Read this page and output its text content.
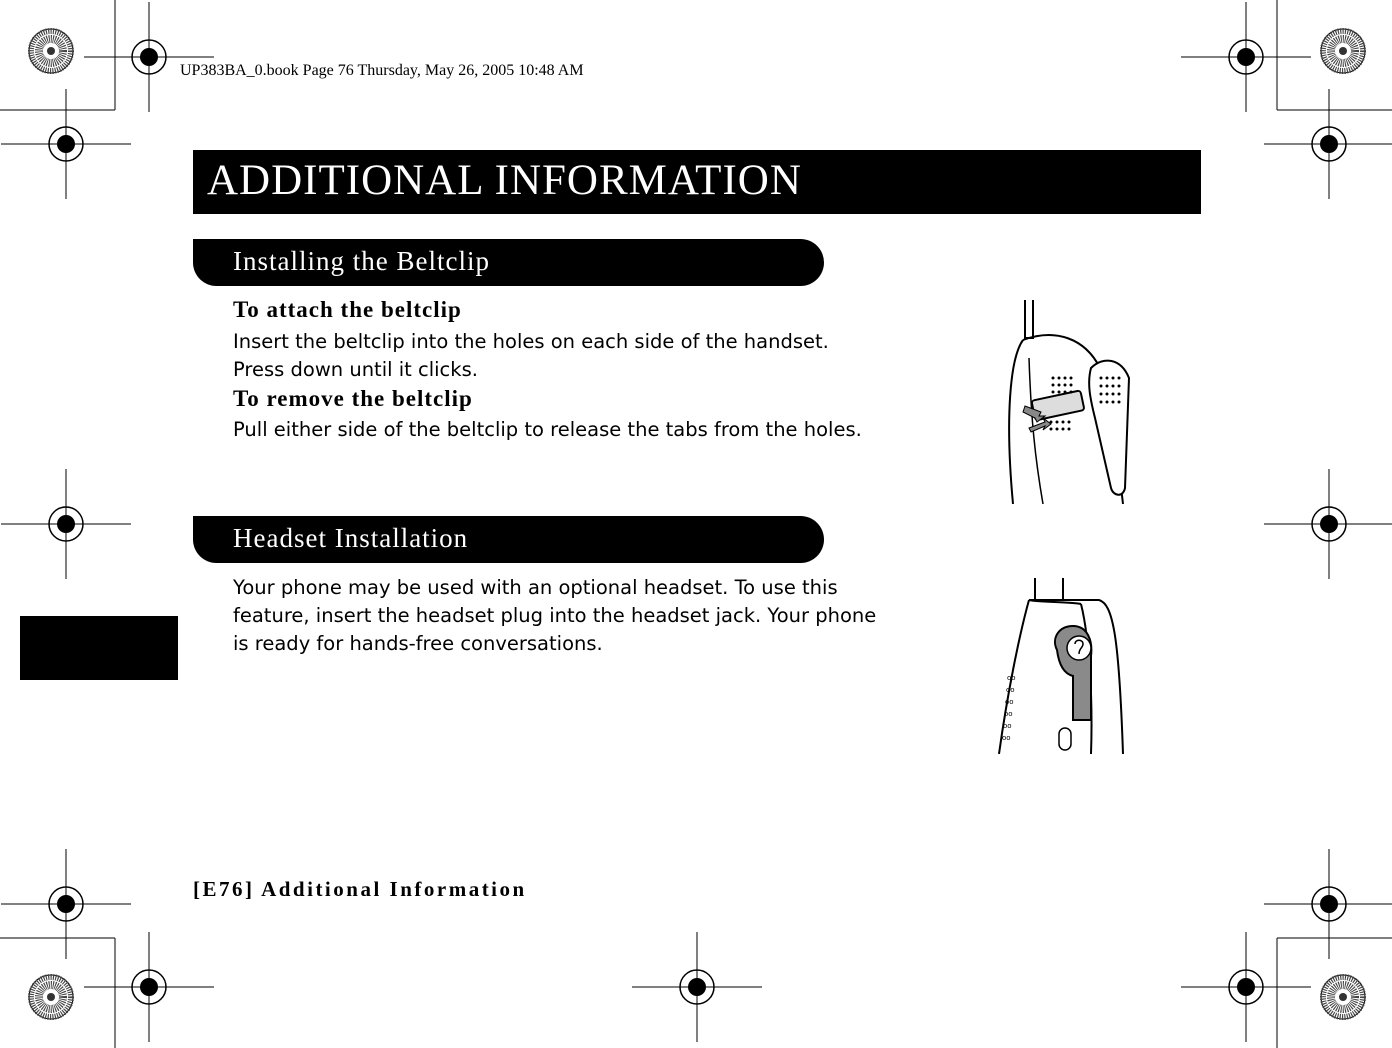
UP383BA_0.book Page 76 Thursday, May 26, 2005 10:48 AM
ADDITIONAL INFORMATION
Installing the Beltclip
To attach the beltclip
Insert the beltclip into the holes on each side of the handset.
Press down until it clicks.
To remove the beltclip
Pull either side of the beltclip to release the tabs from the holes.
Headset Installation
Your phone may be used with an optional headset. To use this
feature, insert the headset plug into the headset jack. Your phone
is ready for hands-free conversations.
oo
oo
oo
oo
oo
oo
[E76] Additional Information
